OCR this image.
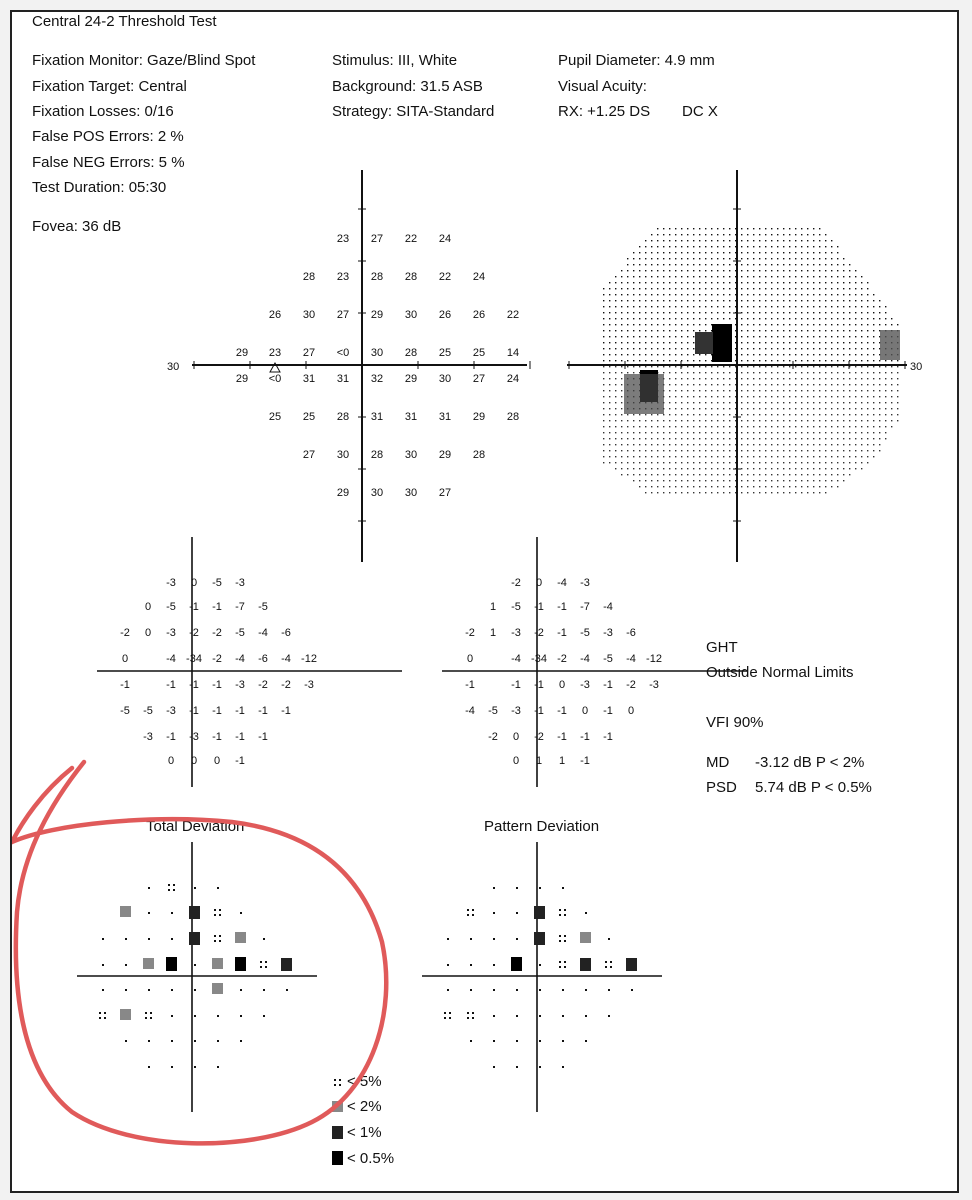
Central 24-2 Threshold Test
Fixation Monitor: Gaze/Blind Spot
Fixation Target: Central
Fixation Losses: 0/16
False POS Errors: 2 %
False NEG Errors: 5 %
Test Duration: 05:30
Fovea: 36 dB
Stimulus: III, White
Background: 31.5 ASB
Strategy: SITA-Standard
Pupil Diameter: 4.9 mm
Visual Acuity:
RX: +1.25 DS DC X
30
23 27 22 24
28 23 28 28 22 24
26 30 27 29 30 26 26 22
29 23 27 <0 30 28 25 25 14
29 <0 31 31 32 29 30 27 24
25 25 28 31 31 31 29 28
27 30 28 30 29 28
29 30 30 27
30
-3 0 -5 -3
0 -5 -1 -1 -7 -5
-2 0 -3 -2 -2 -5 -4 -6
0	-4 -34 -2 -4 -6 -4 -12
-1	-1 -1 -1 -3 -2 -2 -3
-5 -5 -3 -1 -1 -1 -1 -1
-3 -1 -3 -1 -1 -1
0 0 0 -1
-2 0 -4 -3
1 -5 -1 -1 -7 -4
-2 1 -3 -2 -1 -5 -3 -6
0	-4 -34 -2 -4 -5 -4 -12
-1	-1 -1 0 -3 -1 -2 -3
-4 -5 -3 -1 -1 0 -1 0
-2 0 -2 -1 -1 -1
0 1 1 -1
Total Deviation	Pattern Deviation
GHT
Outside Normal Limits
VFI 90%
MD -3.12 dB P < 2%
PSD 5.74 dB P < 0.5%
< 5%
< 2%
< 1%
< 0.5%
